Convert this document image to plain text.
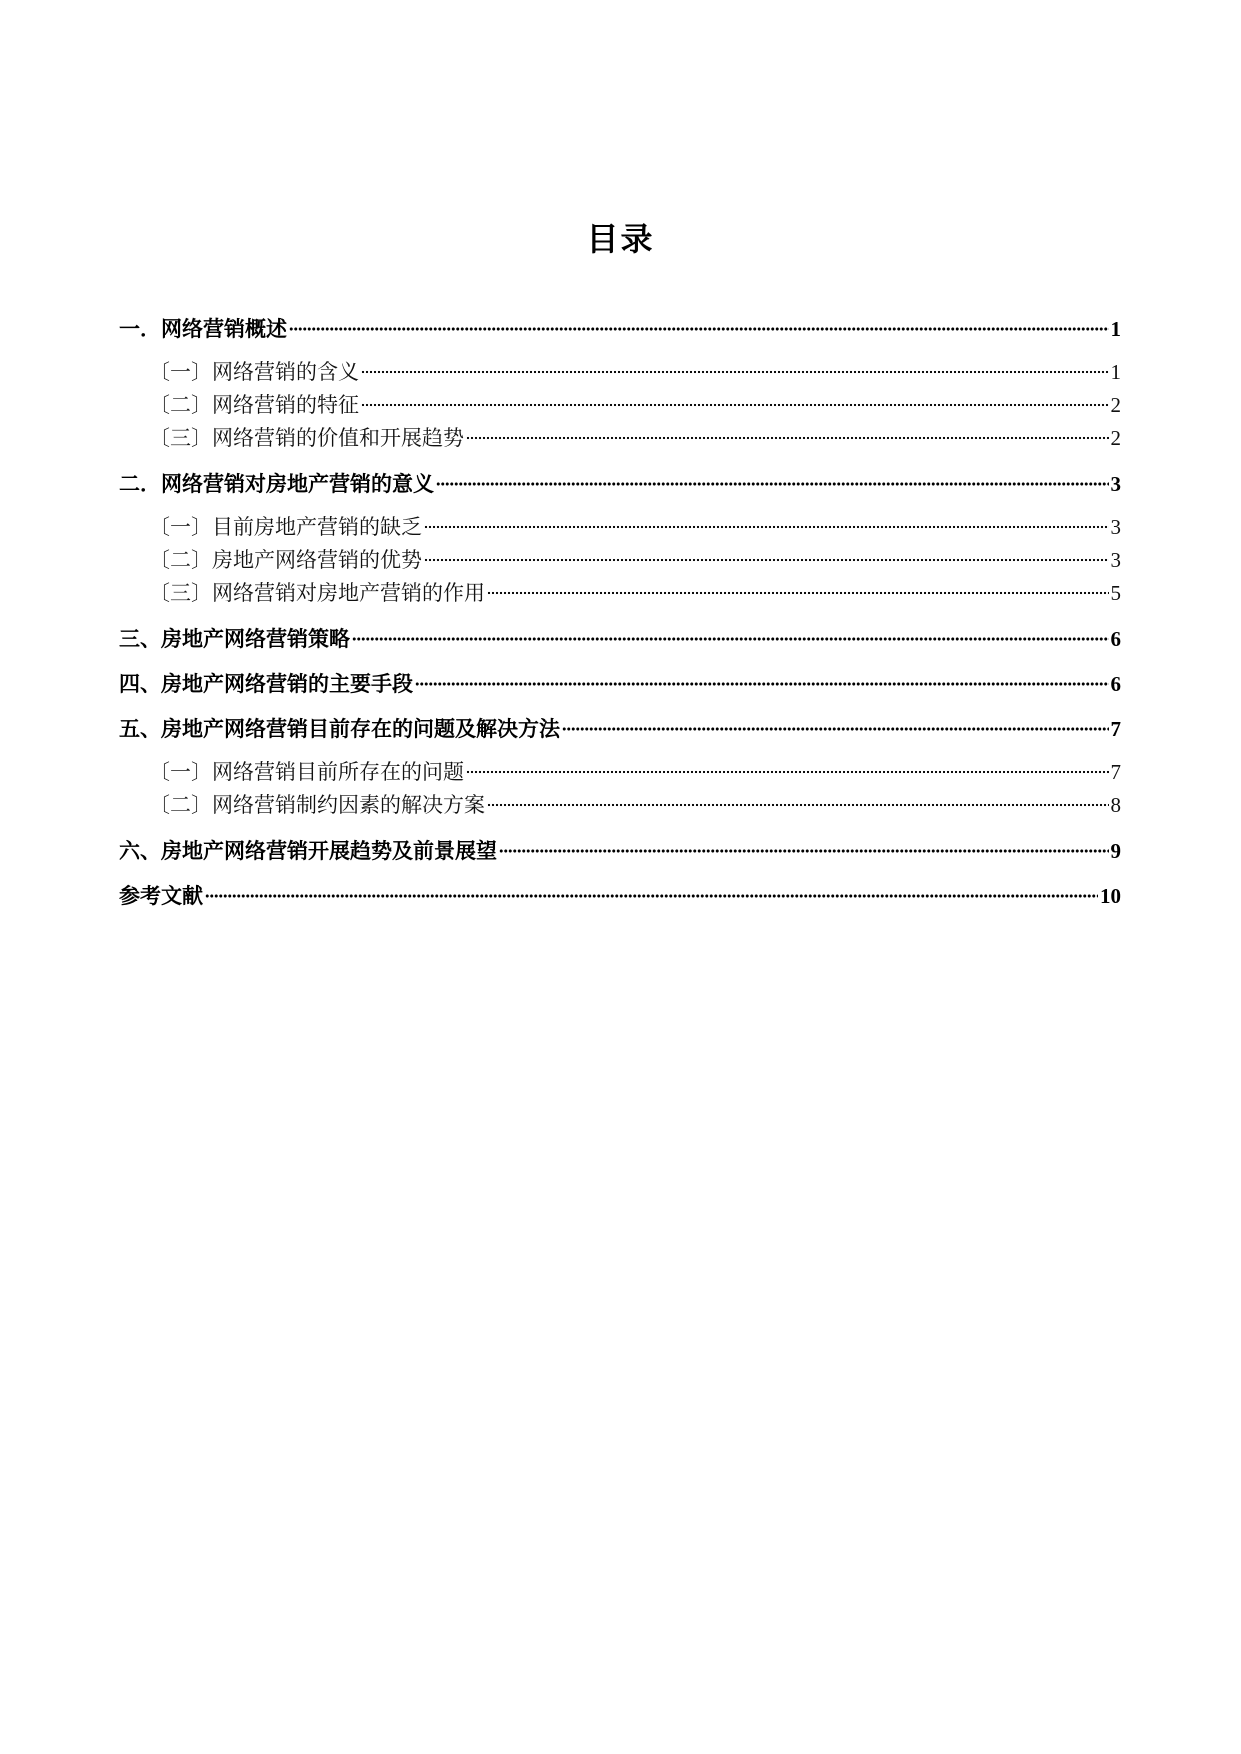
目录
一．网络营销概述	1
〔一〕网络营销的含义	1
〔二〕网络营销的特征	2
〔三〕网络营销的价值和开展趋势	2
二．网络营销对房地产营销的意义	3
〔一〕目前房地产营销的缺乏	3
〔二〕房地产网络营销的优势	3
〔三〕网络营销对房地产营销的作用	5
三、房地产网络营销策略	6
四、房地产网络营销的主要手段	6
五、房地产网络营销目前存在的问题及解决方法	7
〔一〕网络营销目前所存在的问题	7
〔二〕网络营销制约因素的解决方案	8
六、房地产网络营销开展趋势及前景展望	9
参考文献	10
